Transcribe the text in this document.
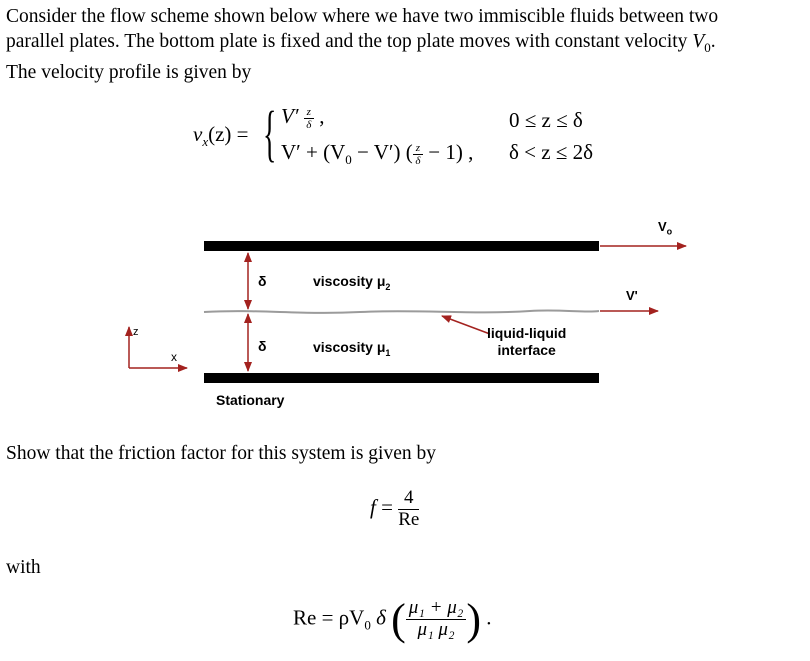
Consider the flow scheme shown below where we have two immiscible fluids between two
parallel plates. The bottom plate is fixed and the top plate moves with constant velocity $V_0$.
The velocity profile is given by
$v_x(z)$ = { $V' \frac{z}{\delta}$ ,	0 ≤ z ≤ δ
$V' + (V_0 - V')$ ( $\frac{z}{\delta} - 1$) , δ < z ≤ 2δ
$V_o$
V'
δ
δ
viscosity $\mu_2$
viscosity $\mu_1$
liquid-liquid
interface
Stationary
z
x
Show that the friction factor for this system is given by
$f = \frac{4}{Re}$
with
$Re = \rho V_0$ δ ( $\frac{\text{μ₁ + μ₂}}{\text{μ₁ μ₂}}$ ) .
